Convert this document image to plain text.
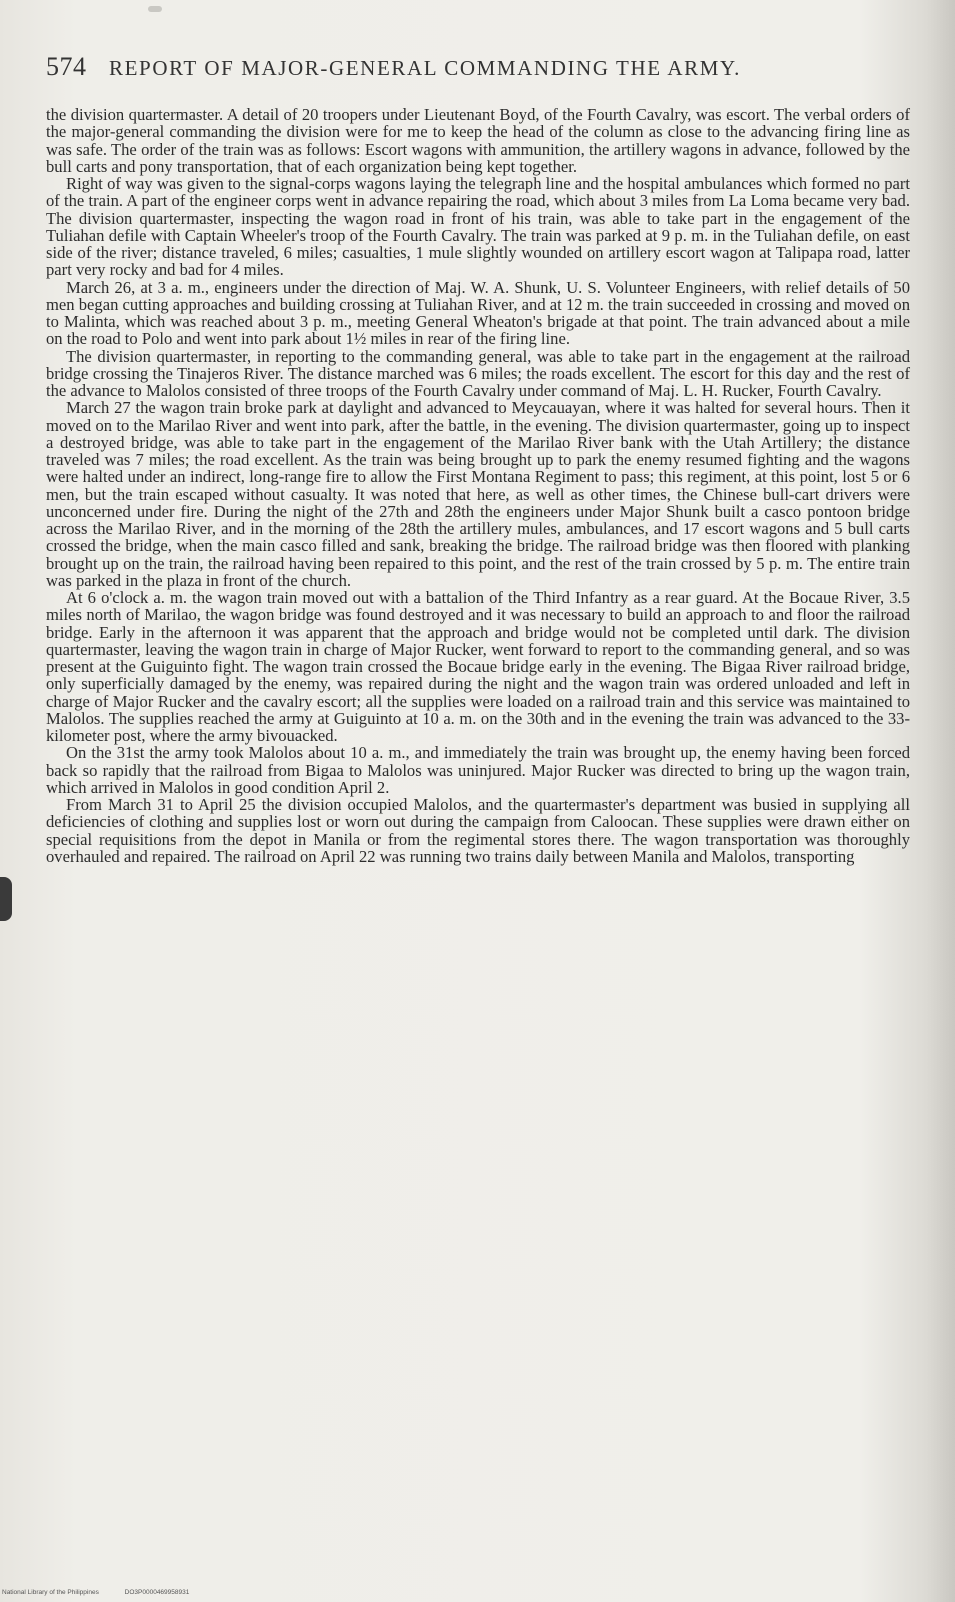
574 REPORT OF MAJOR-GENERAL COMMANDING THE ARMY.

the division quartermaster. A detail of 20 troopers under Lieutenant Boyd, of the Fourth Cavalry, was escort. The verbal orders of the major-general commanding the division were for me to keep the head of the column as close to the advancing firing line as was safe. The order of the train was as follows: Escort wagons with ammunition, the artillery wagons in advance, followed by the bull carts and pony transportation, that of each organization being kept together.

Right of way was given to the signal-corps wagons laying the telegraph line and the hospital ambulances which formed no part of the train. A part of the engineer corps went in advance repairing the road, which about 3 miles from La Loma became very bad. The division quartermaster, inspecting the wagon road in front of his train, was able to take part in the engagement of the Tuliahan defile with Captain Wheeler's troop of the Fourth Cavalry. The train was parked at 9 p. m. in the Tuliahan defile, on east side of the river; distance traveled, 6 miles; casualties, 1 mule slightly wounded on artillery escort wagon at Talipapa road, latter part very rocky and bad for 4 miles.

March 26, at 3 a. m., engineers under the direction of Maj. W. A. Shunk, U. S. Volunteer Engineers, with relief details of 50 men began cutting approaches and building crossing at Tuliahan River, and at 12 m. the train succeeded in crossing and moved on to Malinta, which was reached about 3 p. m., meeting General Wheaton's brigade at that point. The train advanced about a mile on the road to Polo and went into park about 1½ miles in rear of the firing line.

The division quartermaster, in reporting to the commanding general, was able to take part in the engagement at the railroad bridge crossing the Tinajeros River. The distance marched was 6 miles; the roads excellent. The escort for this day and the rest of the advance to Malolos consisted of three troops of the Fourth Cavalry under command of Maj. L. H. Rucker, Fourth Cavalry.

March 27 the wagon train broke park at daylight and advanced to Meycauayan, where it was halted for several hours. Then it moved on to the Marilao River and went into park, after the battle, in the evening. The division quartermaster, going up to inspect a destroyed bridge, was able to take part in the engagement of the Marilao River bank with the Utah Artillery; the distance traveled was 7 miles; the road excellent. As the train was being brought up to park the enemy resumed fighting and the wagons were halted under an indirect, long-range fire to allow the First Montana Regiment to pass; this regiment, at this point, lost 5 or 6 men, but the train escaped without casualty. It was noted that here, as well as other times, the Chinese bull-cart drivers were unconcerned under fire. During the night of the 27th and 28th the engineers under Major Shunk built a casco pontoon bridge across the Marilao River, and in the morning of the 28th the artillery mules, ambulances, and 17 escort wagons and 5 bull carts crossed the bridge, when the main casco filled and sank, breaking the bridge. The railroad bridge was then floored with planking brought up on the train, the railroad having been repaired to this point, and the rest of the train crossed by 5 p. m. The entire train was parked in the plaza in front of the church.

At 6 o'clock a. m. the wagon train moved out with a battalion of the Third Infantry as a rear guard. At the Bocaue River, 3.5 miles north of Marilao, the wagon bridge was found destroyed and it was necessary to build an approach to and floor the railroad bridge. Early in the afternoon it was apparent that the approach and bridge would not be completed until dark. The division quartermaster, leaving the wagon train in charge of Major Rucker, went forward to report to the commanding general, and so was present at the Guiguinto fight. The wagon train crossed the Bocaue bridge early in the evening. The Bigaa River railroad bridge, only superficially damaged by the enemy, was repaired during the night and the wagon train was ordered unloaded and left in charge of Major Rucker and the cavalry escort; all the supplies were loaded on a railroad train and this service was maintained to Malolos. The supplies reached the army at Guiguinto at 10 a. m. on the 30th and in the evening the train was advanced to the 33-kilometer post, where the army bivouacked.

On the 31st the army took Malolos about 10 a. m., and immediately the train was brought up, the enemy having been forced back so rapidly that the railroad from Bigaa to Malolos was uninjured. Major Rucker was directed to bring up the wagon train, which arrived in Malolos in good condition April 2.

From March 31 to April 25 the division occupied Malolos, and the quartermaster's department was busied in supplying all deficiencies of clothing and supplies lost or worn out during the campaign from Caloocan. These supplies were drawn either on special requisitions from the depot in Manila or from the regimental stores there. The wagon transportation was thoroughly overhauled and repaired. The railroad on April 22 was running two trains daily between Manila and Malolos, transporting

National Library of the Philippines	DO3P0000469958931
